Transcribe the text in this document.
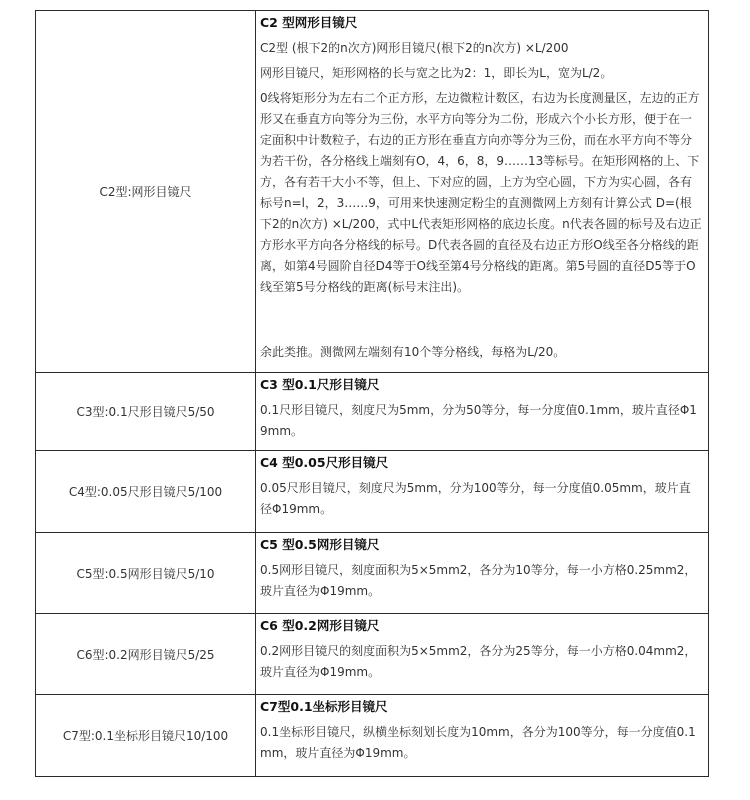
C2型:网形目镜尺	C2 型网形目镜尺

C2型 (根下2的n次方)网形目镜尺(根下2的n次方) ×L/200

网形目镜尺，矩形网格的长与宽之比为2：1，即长为L，宽为L/2。

0线将矩形分为左右二个正方形，左边微粒计数区，右边为长度测量区，左边的正方形又在垂直方向等分为三份，水平方向等分为二份，形成六个小长方形，便于在一定面积中计数粒子，右边的正方形在垂直方向亦等分为三份，而在水平方向不等分为若干份，各分格线上端刻有O，4，6，8，9……13等标号。在矩形网格的上、下方，各有若干大小不等，但上、下对应的圆，上方为空心圆，下方为实心圆，各有标号n=l，2，3……9，可用来快速测定粉尘的直测微网上方刻有计算公式 D=(根下2的n次方) ×L/200，式中L代表矩形网格的底边长度。n代表各圆的标号及右边正方形水平方向各分格线的标号。D代表各圆的直径及右边正方形O线至各分格线的距离，如第4号圆阶自径D4等于O线至第4号分格线的距离。第5号圆的直径D5等于O线至第5号分格线的距离(标号末注出)。

余此类推。测微网左端刻有10个等分格线，每格为L/20。

C3型:0.1尺形目镜尺5/50	C3 型0.1尺形目镜尺

0.1尺形目镜尺，刻度尺为5mm，分为50等分，每一分度值0.1mm，玻片直径Φ19mm。

C4型:0.05尺形目镜尺5/100	C4 型0.05尺形目镜尺

0.05尺形目镜尺，刻度尺为5mm，分为100等分，每一分度值0.05mm，玻片直径Φ19mm。

C5型:0.5网形目镜尺5/10	C5 型0.5网形目镜尺

0.5网形目镜尺，刻度面积为5×5mm2，各分为10等分，每一小方格0.25mm2，玻片直径为Φ19mm。

C6型:0.2网形目镜尺5/25	C6 型0.2网形目镜尺

0.2网形目镜尺的刻度面积为5×5mm2，各分为25等分，每一小方格0.04mm2，玻片直径为Φ19mm。

C7型:0.1坐标形目镜尺10/100	C7型0.1坐标形目镜尺

0.1坐标形目镜尺，纵横坐标刻划长度为10mm，各分为100等分，每一分度值0.1mm，玻片直径为Φ19mm。
